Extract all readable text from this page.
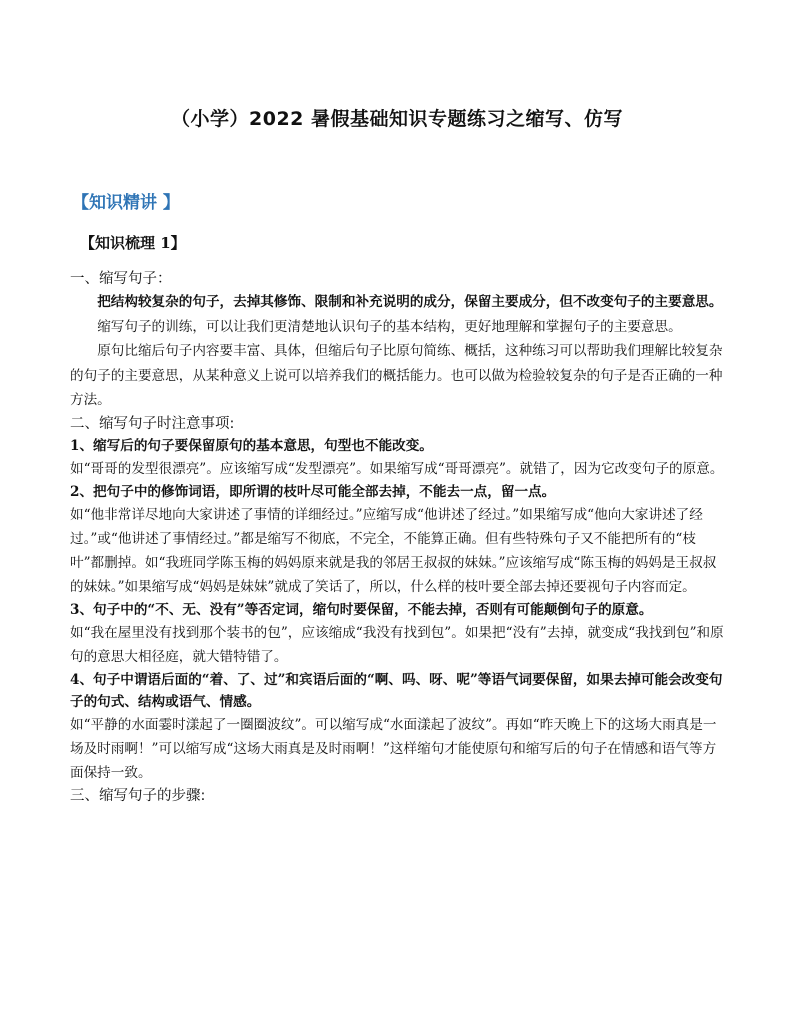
（小学）2022 暑假基础知识专题练习之缩写、仿写
【知识精讲 】
【知识梳理 1】

一、缩写句子：

把结构较复杂的句子，去掉其修饰、限制和补充说明的成分，保留主要成分，但不改变句子的主要意思。

缩写句子的训练，可以让我们更清楚地认识句子的基本结构，更好地理解和掌握句子的主要意思。

原句比缩后句子内容要丰富、具体，但缩后句子比原句简练、概括，这种练习可以帮助我们理解比较复杂的句子的主要意思，从某种意义上说可以培养我们的概括能力。也可以做为检验较复杂的句子是否正确的一种方法。

二、缩写句子时注意事项:

1、缩写后的句子要保留原句的基本意思，句型也不能改变。

如“哥哥的发型很漂亮”。应该缩写成“发型漂亮”。如果缩写成“哥哥漂亮”。就错了，因为它改变句子的原意。

2、把句子中的修饰词语，即所谓的枝叶尽可能全部去掉，不能去一点，留一点。

如“他非常详尽地向大家讲述了事情的详细经过。”应缩写成“他讲述了经过。”如果缩写成“他向大家讲述了经过。”或“他讲述了事情经过。”都是缩写不彻底，不完全，不能算正确。但有些特殊句子又不能把所有的“枝叶”都删掉。如“我班同学陈玉梅的妈妈原来就是我的邻居王叔叔的妹妹。”应该缩写成“陈玉梅的妈妈是王叔叔的妹妹。”如果缩写成“妈妈是妹妹”就成了笑话了，所以，什么样的枝叶要全部去掉还要视句子内容而定。

3、句子中的“不、无、没有”等否定词，缩句时要保留，不能去掉，否则有可能颠倒句子的原意。

如“我在屋里没有找到那个装书的包”，应该缩成“我没有找到包”。如果把“没有”去掉，就变成“我找到包”和原句的意思大相径庭，就大错特错了。

4、句子中谓语后面的“着、了、过”和宾语后面的“啊、吗、呀、呢”等语气词要保留，如果去掉可能会改变句子的句式、结构或语气、情感。

如“平静的水面霎时漾起了一圈圈波纹”。可以缩写成“水面漾起了波纹”。再如“昨天晚上下的这场大雨真是一场及时雨啊！”可以缩写成“这场大雨真是及时雨啊！”这样缩句才能使原句和缩写后的句子在情感和语气等方面保持一致。

三、缩写句子的步骤:
